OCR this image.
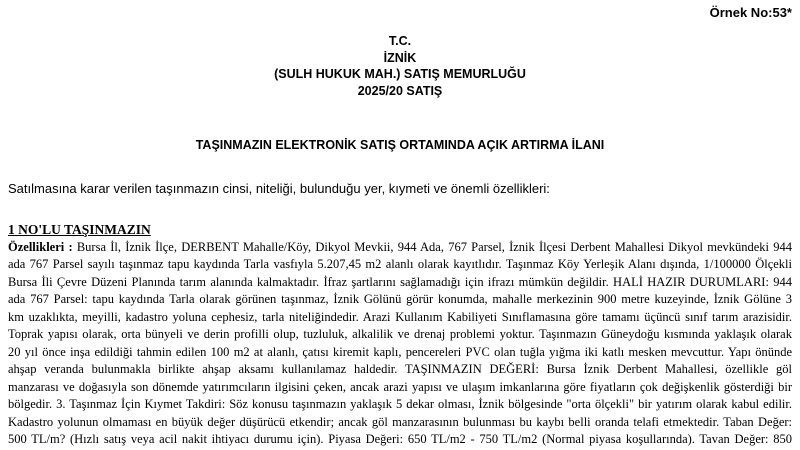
Örnek No:53*
T.C.
İZNİK
(SULH HUKUK MAH.) SATIŞ MEMURLUĞU
2025/20 SATIŞ
TAŞINMAZIN ELEKTRONİK SATIŞ ORTAMINDA AÇIK ARTIRMA İLANI
Satılmasına karar verilen taşınmazın cinsi, niteliği, bulunduğu yer, kıymeti ve önemli özellikleri:
1 NO'LU TAŞINMAZIN
Özellikleri : Bursa İl, İznik İlçe, DERBENT Mahalle/Köy, Dikyol Mevkii, 944 Ada, 767 Parsel, İznik İlçesi Derbent Mahallesi Dikyol mevkündeki 944
ada 767 Parsel sayılı taşınmaz tapu kaydında Tarla vasfıyla 5.207,45 m2 alanlı olarak kayıtlıdır. Taşınmaz Köy Yerleşik Alanı dışında, 1/100000 Ölçekli
Bursa İli Çevre Düzeni Planında tarım alanında kalmaktadır. İfraz şartlarını sağlamadığı için ifrazı mümkün değildir. HALİ HAZIR DURUMLARI: 944
ada 767 Parsel: tapu kaydında Tarla olarak görünen taşınmaz, İznik Gölünü görür konumda, mahalle merkezinin 900 metre kuzeyinde, İznik Gölüne 3
km uzaklıkta, meyilli, kadastro yoluna cephesiz, tarla niteliğindedir. Arazi Kullanım Kabiliyeti Sınıflamasına göre tamamı üçüncü sınıf tarım arazisidir.
Toprak yapısı olarak, orta bünyeli ve derin profilli olup, tuzluluk, alkalilik ve drenaj problemi yoktur. Taşınmazın Güneydoğu kısmında yaklaşık olarak
20 yıl önce inşa edildiği tahmin edilen 100 m2 at alanlı, çatısı kiremit kaplı, pencereleri PVC olan tuğla yığma iki katlı mesken mevcuttur. Yapı önünde
ahşap veranda bulunmakla birlikte ahşap aksamı kullanılamaz haldedir. TAŞINMAZIN DEĞERİ: Bursa İznik Derbent Mahallesi, özellikle göl
manzarası ve doğasıyla son dönemde yatırımcıların ilgisini çeken, ancak arazi yapısı ve ulaşım imkanlarına göre fiyatların çok değişkenlik gösterdiği bir
bölgedir. 3. Taşınmaz İçin Kıymet Takdiri: Söz konusu taşınmazın yaklaşık 5 dekar olması, İznik bölgesinde "orta ölçekli" bir yatırım olarak kabul edilir.
Kadastro yolunun olmaması en büyük değer düşürücü etkendir; ancak göl manzarasının bulunması bu kaybı belli oranda telafi etmektedir. Taban Değer:
500 TL/m? (Hızlı satış veya acil nakit ihtiyacı durumu için). Piyasa Değeri: 650 TL/m2 - 750 TL/m2 (Normal piyasa koşullarında). Tavan Değer: 850
